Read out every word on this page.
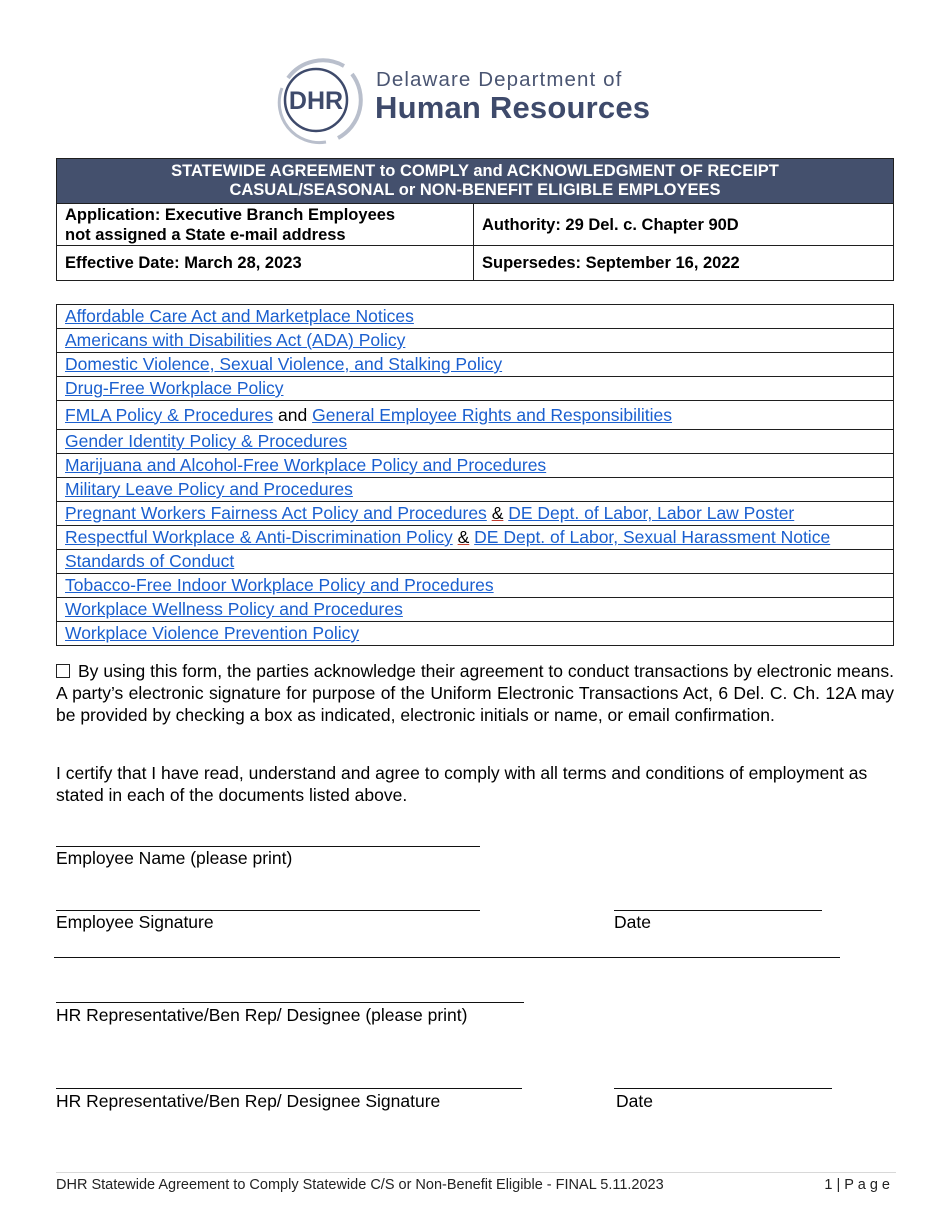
DHR
Delaware Department of
Human Resources
STATEWIDE AGREEMENT to COMPLY and ACKNOWLEDGMENT OF RECEIPT
CASUAL/SEASONAL or NON-BENEFIT ELIGIBLE EMPLOYEES	

Application: Executive Branch Employees
not assigned a State e-mail address	Authority: 29 Del. c. Chapter 90D
Effective Date: March 28, 2023	Supersedes: September 16, 2022
Affordable Care Act and Marketplace Notices
Americans with Disabilities Act (ADA) Policy
Domestic Violence, Sexual Violence, and Stalking Policy
Drug-Free Workplace Policy
FMLA Policy & Procedures and General Employee Rights and Responsibilities
Gender Identity Policy & Procedures
Marijuana and Alcohol-Free Workplace Policy and Procedures
Military Leave Policy and Procedures
Pregnant Workers Fairness Act Policy and Procedures & DE Dept. of Labor, Labor Law Poster
Respectful Workplace & Anti-Discrimination Policy & DE Dept. of Labor, Sexual Harassment Notice
Standards of Conduct
Tobacco-Free Indoor Workplace Policy and Procedures
Workplace Wellness Policy and Procedures
Workplace Violence Prevention Policy
By using this form, the parties acknowledge their agreement to conduct transactions by electronic means. A party’s electronic signature for purpose of the Uniform Electronic Transactions Act, 6 Del. C. Ch. 12A may be provided by checking a box as indicated, electronic initials or name, or email confirmation.
I certify that I have read, understand and agree to comply with all terms and conditions of employment as stated in each of the documents listed above.
Employee Name (please print)
Employee Signature	Date
HR Representative/Ben Rep/ Designee (please print)
HR Representative/Ben Rep/ Designee Signature	Date
DHR Statewide Agreement to Comply Statewide C/S or Non-Benefit Eligible - FINAL 5.11.2023	1 | P a g e
